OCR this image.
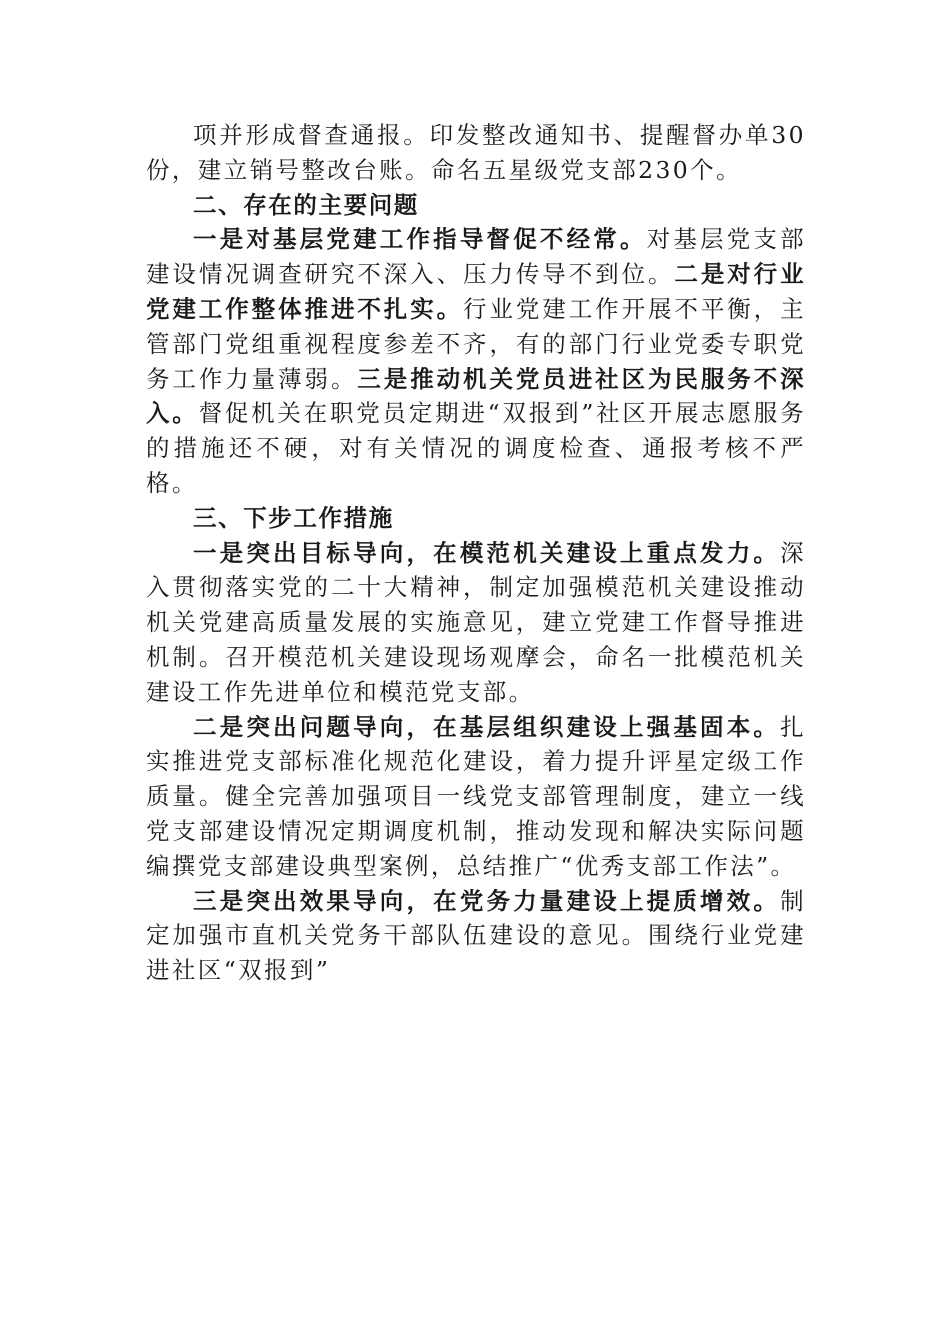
项并形成督查通报。印发整改通知书、提醒督办单30份，建立销号整改台账。命名五星级党支部230个。

二、存在的主要问题

一是对基层党建工作指导督促不经常。对基层党支部建设情况调查研究不深入、压力传导不到位。二是对行业党建工作整体推进不扎实。行业党建工作开展不平衡，主管部门党组重视程度参差不齐，有的部门行业党委专职党务工作力量薄弱。三是推动机关党员进社区为民服务不深入。督促机关在职党员定期进“双报到”社区开展志愿服务的措施还不硬，对有关情况的调度检查、通报考核不严格。

三、下步工作措施

一是突出目标导向，在模范机关建设上重点发力。深入贯彻落实党的二十大精神，制定加强模范机关建设推动机关党建高质量发展的实施意见，建立党建工作督导推进机制。召开模范机关建设现场观摩会，命名一批模范机关建设工作先进单位和模范党支部。

二是突出问题导向，在基层组织建设上强基固本。扎实推进党支部标准化规范化建设，着力提升评星定级工作质量。健全完善加强项目一线党支部管理制度，建立一线党支部建设情况定期调度机制，推动发现和解决实际问题编撰党支部建设典型案例，总结推广“优秀支部工作法”。

三是突出效果导向，在党务力量建设上提质增效。制定加强市直机关党务干部队伍建设的意见。围绕行业党建进社区“双报到”
